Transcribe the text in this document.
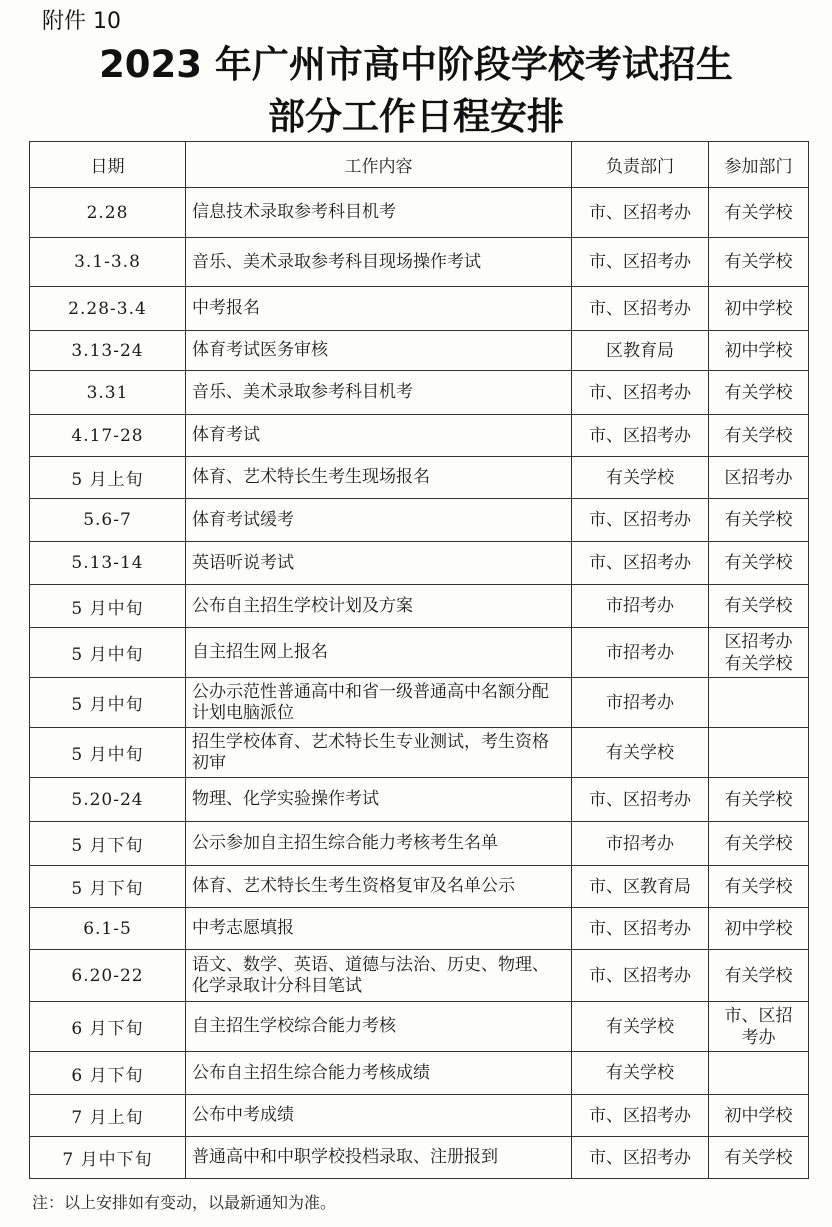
附件 10
2023 年广州市高中阶段学校考试招生
部分工作日程安排
日期	工作内容	负责部门	参加部门
2.28	信息技术录取参考科目机考	市、区招考办	有关学校
3.1-3.8	音乐、美术录取参考科目现场操作考试	市、区招考办	有关学校
2.28-3.4	中考报名	市、区招考办	初中学校
3.13-24	体育考试医务审核	区教育局	初中学校
3.31	音乐、美术录取参考科目机考	市、区招考办	有关学校
4.17-28	体育考试	市、区招考办	有关学校
5 月上旬	体育、艺术特长生考生现场报名	有关学校	区招考办
5.6-7	体育考试缓考	市、区招考办	有关学校
5.13-14	英语听说考试	市、区招考办	有关学校
5 月中旬	公布自主招生学校计划及方案	市招考办	有关学校
5 月中旬	自主招生网上报名	市招考办	区招考办
有关学校
5 月中旬	公办示范性普通高中和省一级普通高中名额分配计划电脑派位	市招考办	
5 月中旬	招生学校体育、艺术特长生专业测试，考生资格初审	有关学校	
5.20-24	物理、化学实验操作考试	市、区招考办	有关学校
5 月下旬	公示参加自主招生综合能力考核考生名单	市招考办	有关学校
5 月下旬	体育、艺术特长生考生资格复审及名单公示	市、区教育局	有关学校
6.1-5	中考志愿填报	市、区招考办	初中学校
6.20-22	语文、数学、英语、道德与法治、历史、物理、化学录取计分科目笔试	市、区招考办	有关学校
6 月下旬	自主招生学校综合能力考核	有关学校	市、区招
考办
6 月下旬	公布自主招生综合能力考核成绩	有关学校	
7 月上旬	公布中考成绩	市、区招考办	初中学校
7 月中下旬	普通高中和中职学校投档录取、注册报到	市、区招考办	有关学校
注：以上安排如有变动，以最新通知为准。
